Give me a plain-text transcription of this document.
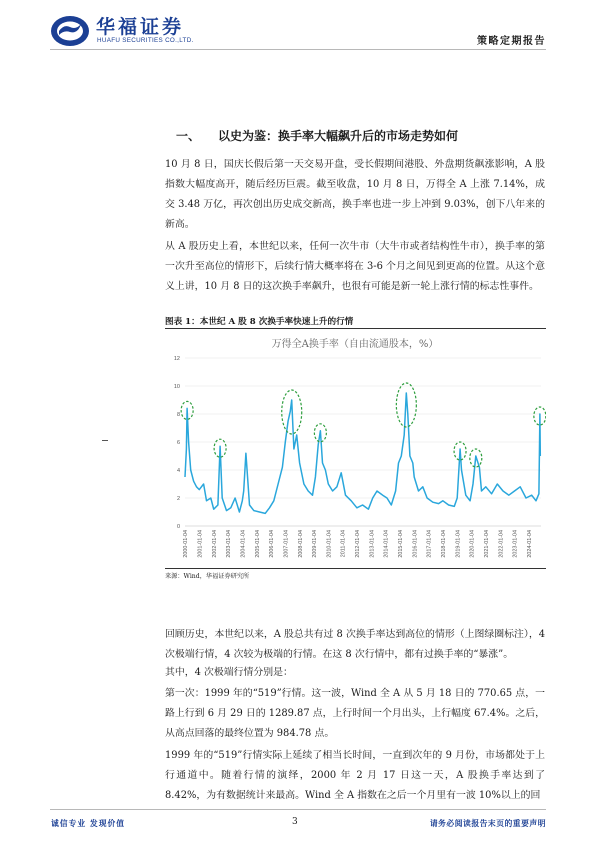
华福证券
HUAFU SECURITIES CO.,LTD.	策略定期报告
一、 以史为鉴：换手率大幅飙升后的市场走势如何
10 月 8 日，国庆长假后第一天交易开盘，受长假期间港股、外盘期货飙涨影响，A 股指数大幅度高开，随后经历巨震。截至收盘，10 月 8 日，万得全 A 上涨 7.14%，成交 3.48 万亿，再次创出历史成交新高，换手率也进一步上冲到 9.03%，创下八年来的新高。
从 A 股历史上看，本世纪以来，任何一次牛市（大牛市或者结构性牛市），换手率的第一次升至高位的情形下，后续行情大概率将在 3-6 个月之间见到更高的位置。从这个意义上讲，10 月 8 日的这次换手率飙升，也很有可能是新一轮上涨行情的标志性事件。
图表 1：本世纪 A 股 8 次换手率快速上升的行情
万得全A换手率（自由流通股本，%）
0
2
4
6
8
10
12
2000-01-04 2001-01-04 2002-01-04 2003-01-04 2004-01-04 2005-01-04 2006-01-04 2007-01-04 2008-01-04 2009-01-04 2010-01-04 2011-01-04 2012-01-04 2013-01-04 2014-01-04 2015-01-04 2016-01-04 2017-01-04 2018-01-04 2019-01-04 2020-01-04 2021-01-04 2022-01-04 2023-01-04 2024-01-04
来源：Wind，华福证券研究所
回顾历史，本世纪以来，A 股总共有过 8 次换手率达到高位的情形（上图绿圈标注），4 次极端行情，4 次较为极端的行情。在这 8 次行情中，都有过换手率的“暴涨”。
其中，4 次极端行情分别是：
第一次：1999 年的“519”行情。这一波，Wind 全 A 从 5 月 18 日的 770.65 点，一路上行到 6 月 29 日的 1289.87 点，上行时间一个月出头，上行幅度 67.4%。之后，从高点回落的最终位置为 984.78 点。
1999 年的“519”行情实际上延续了相当长时间，一直到次年的 9 月份，市场都处于上行通道中。随着行情的演绎，2000 年 2 月 17 日这一天，A 股换手率达到了 8.42%，为有数据统计来最高。Wind 全 A 指数在之后一个月里有一波 10%以上的回
诚信专业 发现价值	3	请务必阅读报告末页的重要声明
